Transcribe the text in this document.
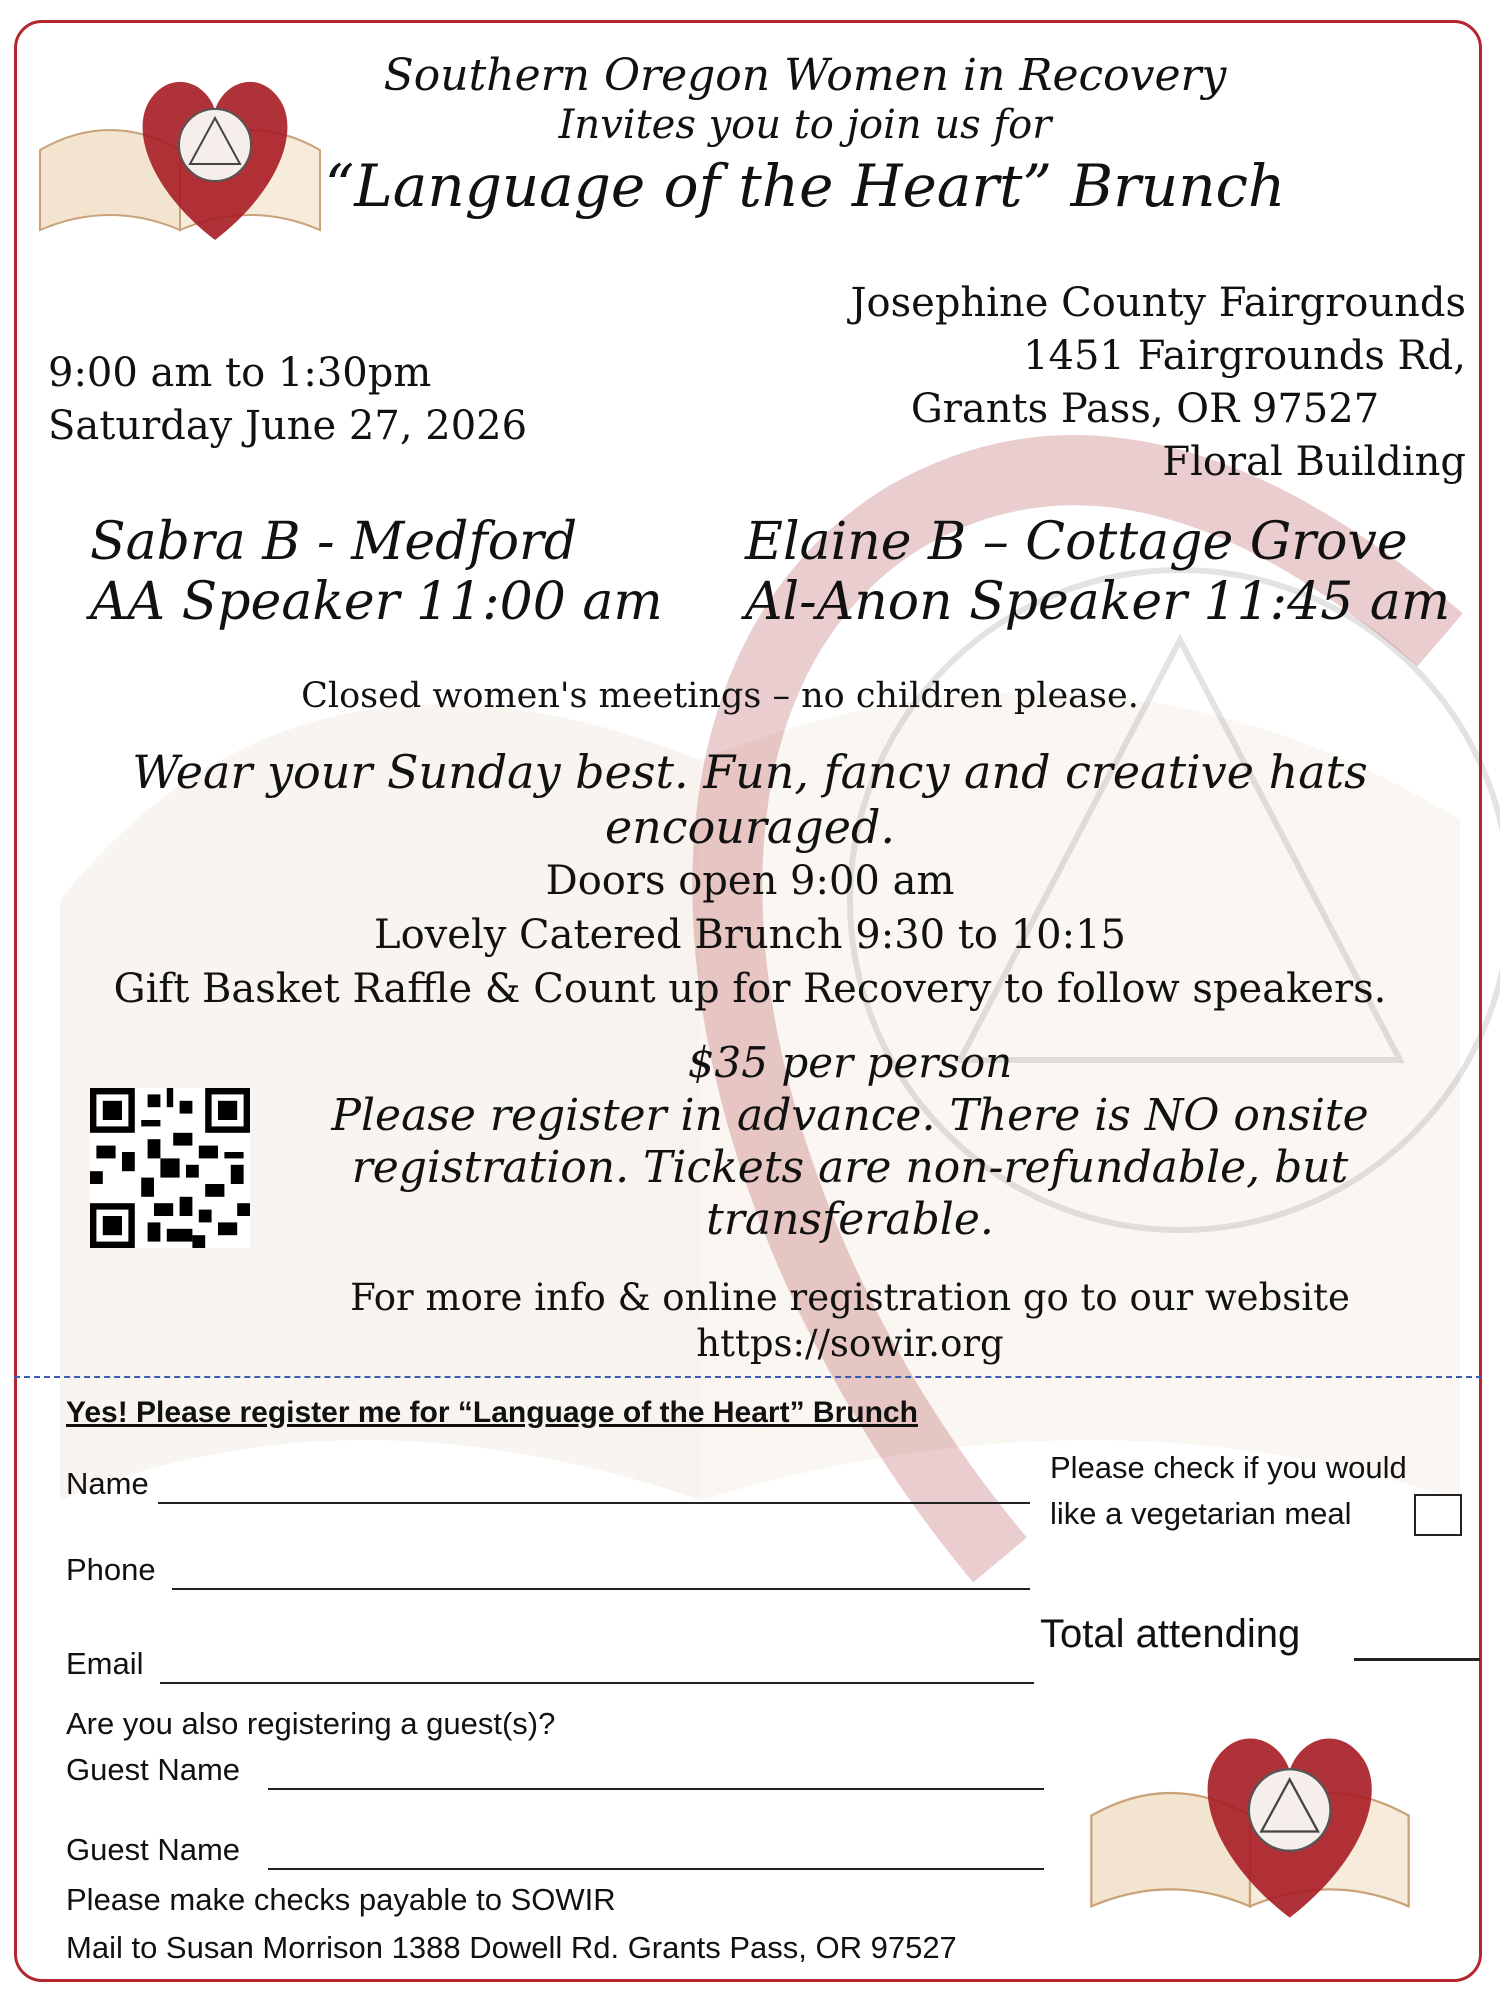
Southern Oregon Women in Recovery
Invites you to join us for
“Language of the Heart” Brunch
9:00 am to 1:30pm
Saturday June 27, 2026
Josephine County Fairgrounds
1451 Fairgrounds Rd,
Grants Pass, OR 97527
Floral Building
Sabra B - Medford
AA Speaker 11:00 am
Elaine B – Cottage Grove
Al-Anon Speaker 11:45 am
Closed women's meetings – no children please.
Wear your Sunday best. Fun, fancy and creative hats
encouraged.
Doors open 9:00 am
Lovely Catered Brunch 9:30 to 10:15
Gift Basket Raffle & Count up for Recovery to follow speakers.
$35 per person
Please register in advance. There is NO onsite
registration. Tickets are non-refundable, but
transferable.
For more info & online registration go to our website
https://sowir.org
Yes! Please register me for “Language of the Heart” Brunch
Name
Phone
Email
Please check if you would
like a vegetarian meal
Total attending
Are you also registering a guest(s)?
Guest Name
Guest Name
Please make checks payable to SOWIR
Mail to Susan Morrison 1388 Dowell Rd. Grants Pass, OR 97527
